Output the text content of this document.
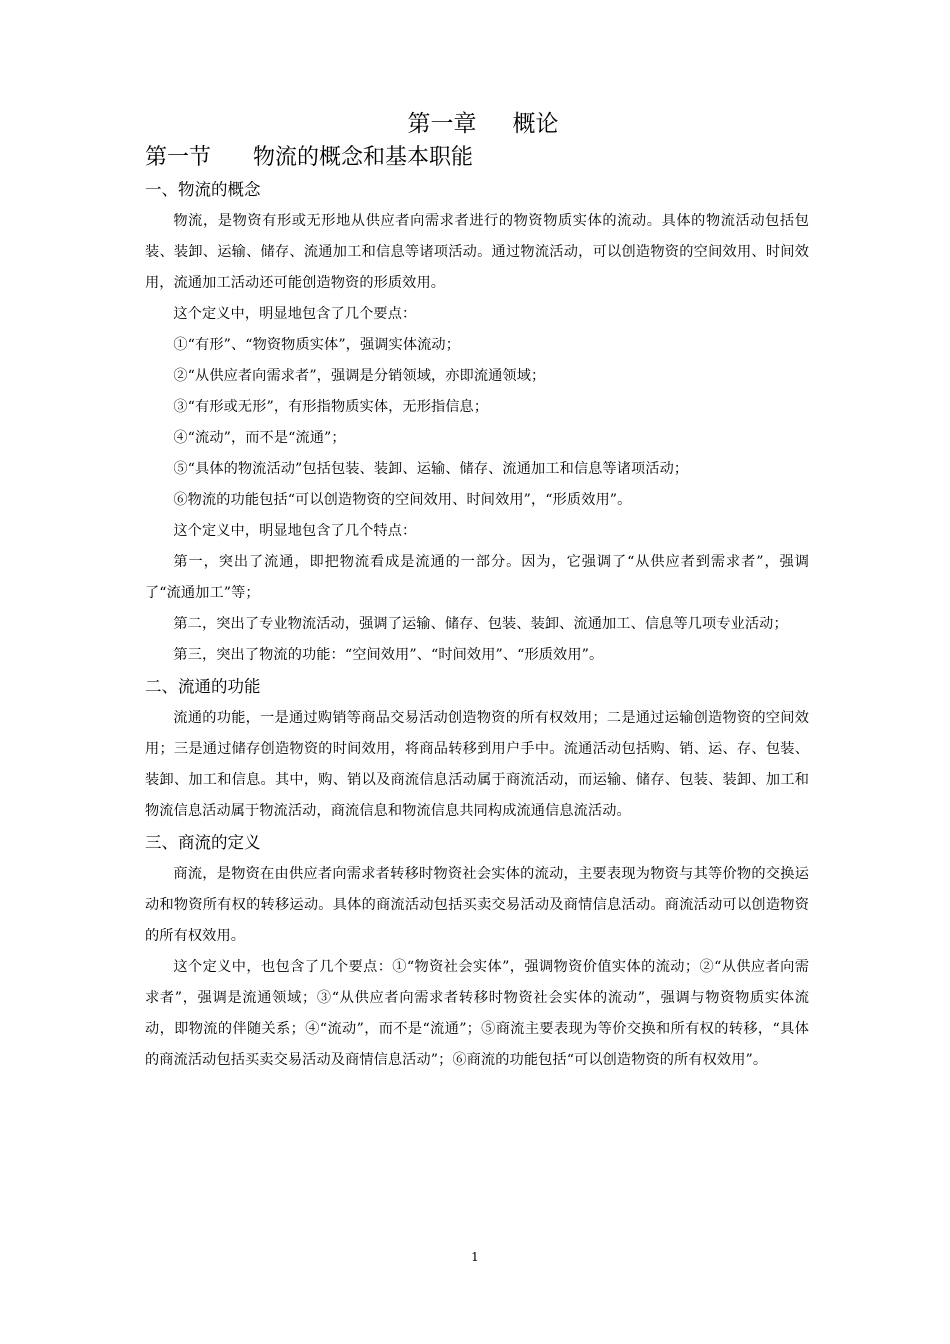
第一章 概论
第一节 物流的概念和基本职能
一、物流的概念

物流，是物资有形或无形地从供应者向需求者进行的物资物质实体的流动。具体的物流活动包括包装、装卸、运输、储存、流通加工和信息等诸项活动。通过物流活动，可以创造物资的空间效用、时间效用，流通加工活动还可能创造物资的形质效用。

这个定义中，明显地包含了几个要点：

①“有形”、“物资物质实体”，强调实体流动；

②“从供应者向需求者”，强调是分销领域，亦即流通领域；

③“有形或无形”，有形指物质实体，无形指信息；

④“流动”，而不是“流通”；

⑤“具体的物流活动”包括包装、装卸、运输、储存、流通加工和信息等诸项活动；

⑥物流的功能包括“可以创造物资的空间效用、时间效用”，“形质效用”。

这个定义中，明显地包含了几个特点：

第一，突出了流通，即把物流看成是流通的一部分。因为，它强调了“从供应者到需求者”，强调了“流通加工”等；

第二，突出了专业物流活动，强调了运输、储存、包装、装卸、流通加工、信息等几项专业活动；

第三，突出了物流的功能：“空间效用”、“时间效用”、“形质效用”。

二、流通的功能

流通的功能，一是通过购销等商品交易活动创造物资的所有权效用；二是通过运输创造物资的空间效用；三是通过储存创造物资的时间效用，将商品转移到用户手中。流通活动包括购、销、运、存、包装、装卸、加工和信息。其中，购、销以及商流信息活动属于商流活动，而运输、储存、包装、装卸、加工和物流信息活动属于物流活动，商流信息和物流信息共同构成流通信息流活动。

三、商流的定义

商流，是物资在由供应者向需求者转移时物资社会实体的流动，主要表现为物资与其等价物的交换运动和物资所有权的转移运动。具体的商流活动包括买卖交易活动及商情信息活动。商流活动可以创造物资的所有权效用。

这个定义中，也包含了几个要点：①“物资社会实体”，强调物资价值实体的流动；②“从供应者向需求者”，强调是流通领域；③“从供应者向需求者转移时物资社会实体的流动”，强调与物资物质实体流动，即物流的伴随关系；④“流动”，而不是“流通”；⑤商流主要表现为等价交换和所有权的转移，“具体的商流活动包括买卖交易活动及商情信息活动”；⑥商流的功能包括“可以创造物资的所有权效用”。

1
